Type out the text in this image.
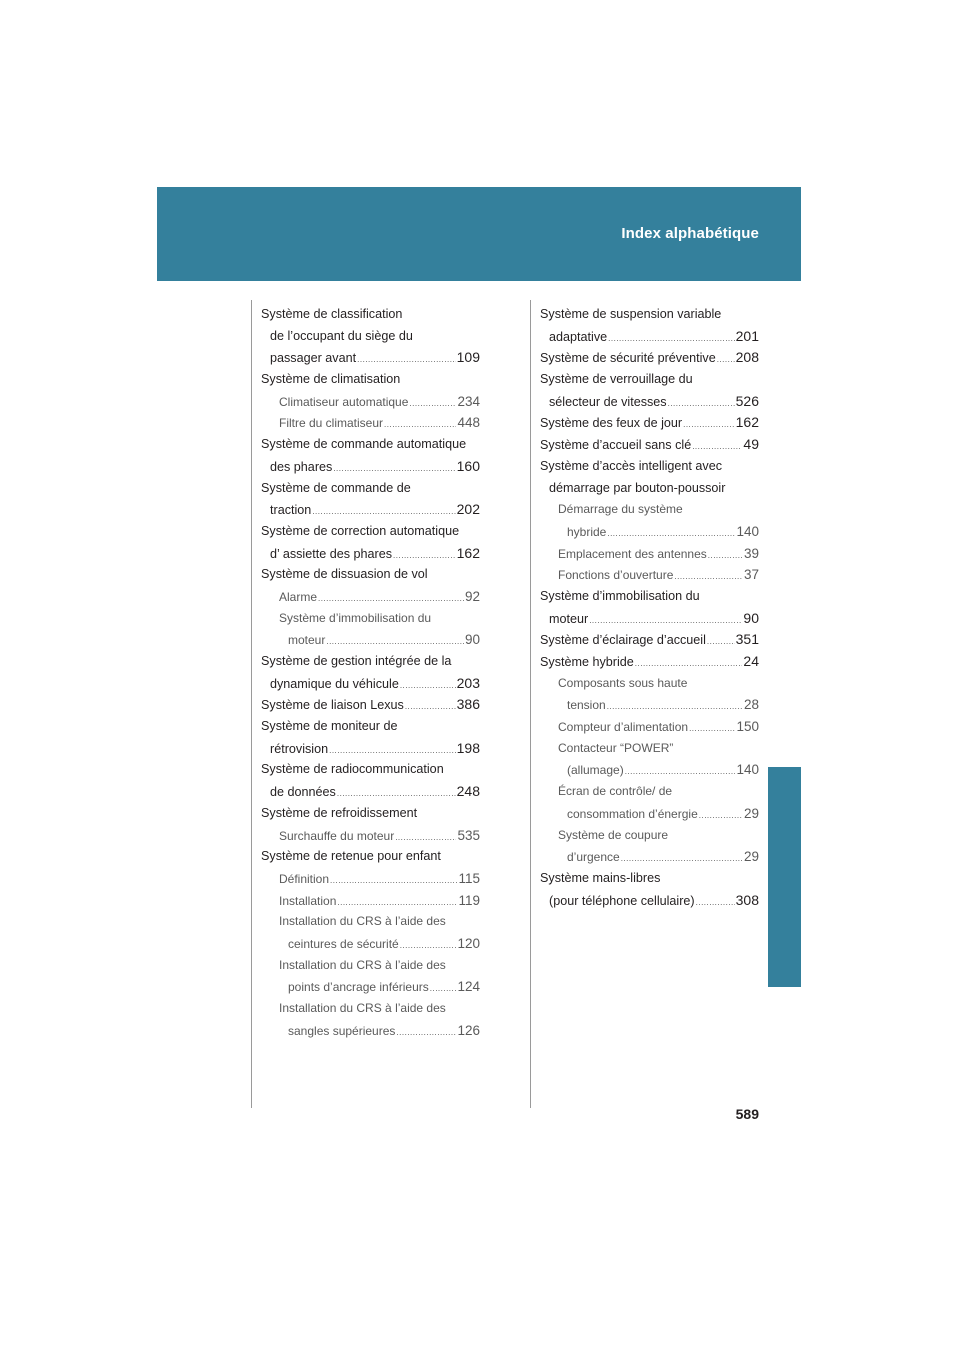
Index alphabétique
Système de classification
de l’occupant du siège du
passager avant .....	109
Système de climatisation
Climatiseur automatique .....	234
Filtre du climatiseur .....	448
Système de commande automatique
des phares .....	160
Système de commande de
traction .....	202
Système de correction automatique
d’ assiette des phares .....	162
Système de dissuasion de vol
Alarme .....	92
Système d’immobilisation du
moteur .....	90
Système de gestion intégrée de la
dynamique du véhicule .....	203
Système de liaison Lexus .....	386
Système de moniteur de
rétrovision .....	198
Système de radiocommunication
de données .....	248
Système de refroidissement
Surchauffe du moteur .....	535
Système de retenue pour enfant
Définition .....	115
Installation .....	119
Installation du CRS à l’aide des
ceintures de sécurité .....	120
Installation du CRS à l’aide des
points d’ancrage inférieurs ..... 124
Installation du CRS à l’aide des
sangles supérieures .....	126
Système de suspension variable
adaptative .....	201
Système de sécurité préventive ..... 208
Système de verrouillage du
sélecteur de vitesses .....	526
Système des feux de jour .....	162
Système d’accueil sans clé .....	49
Système d’accès intelligent avec
démarrage par bouton-poussoir
Démarrage du système
hybride .....	140
Emplacement des antennes .....	39
Fonctions d’ouverture .....	37
Système d’immobilisation du
moteur .....	90
Système d’éclairage d’accueil ..... 351
Système hybride .....	24
Composants sous haute
tension .....	28
Compteur d’alimentation .....	150
Contacteur “POWER”
(allumage) .....	140
Écran de contrôle/ de
consommation d’énergie .....	29
Système de coupure
d’urgence .....	29
Système mains-libres
(pour téléphone cellulaire) .....	308
589
